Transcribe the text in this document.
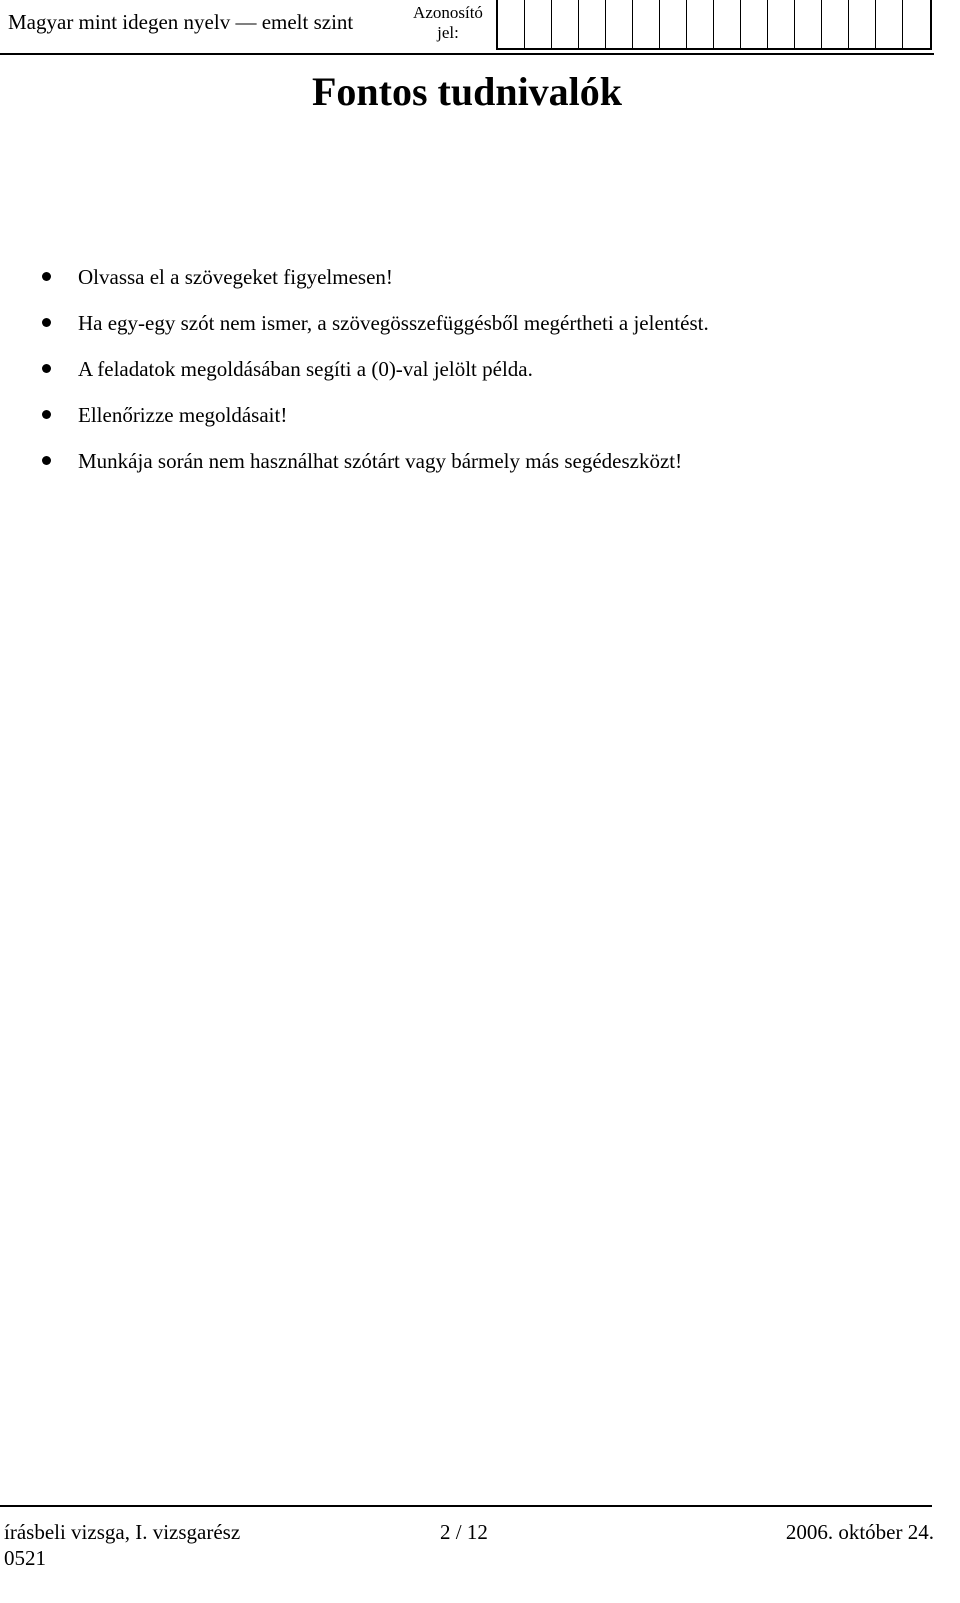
Magyar mint idegen nyelv — emelt szint	Azonosító
jel:
Fontos tudnivalók
Olvassa el a szövegeket figyelmesen!
Ha egy-egy szót nem ismer, a szövegösszefüggésből megértheti a jelentést.
A feladatok megoldásában segíti a (0)-val jelölt példa.
Ellenőrizze megoldásait!
Munkája során nem használhat szótárt vagy bármely más segédeszközt!
írásbeli vizsga, I. vizsgarész	2 / 12	2006. október 24.
0521
